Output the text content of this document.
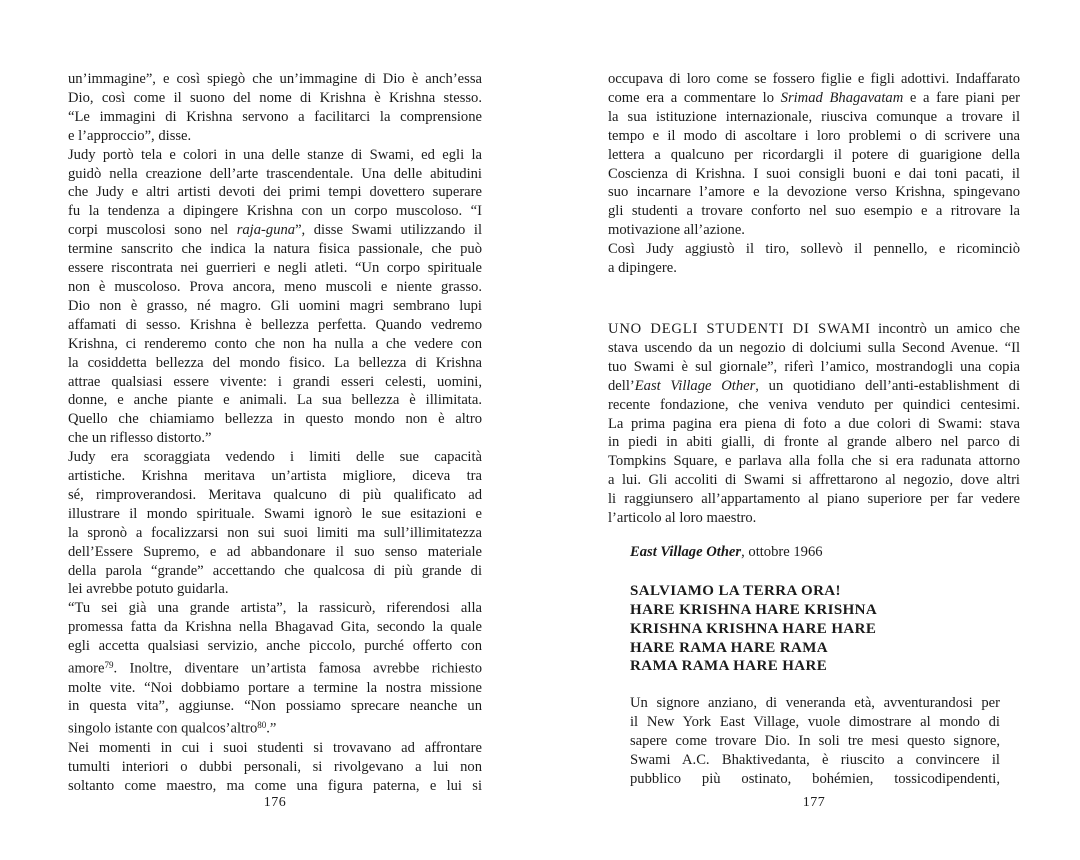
un’immagine”, e così spiegò che un’immagine di Dio è anch’essa
Dio, così come il suono del nome di Krishna è Krishna stesso.
“Le immagini di Krishna servono a facilitarci la comprensione
e l’approccio”, disse.
Judy portò tela e colori in una delle stanze di Swami, ed egli la
guidò nella creazione dell’arte trascendentale. Una delle abitudini
che Judy e altri artisti devoti dei primi tempi dovettero superare
fu la tendenza a dipingere Krishna con un corpo muscoloso. “I
corpi muscolosi sono nel raja-guna”, disse Swami utilizzando il
termine sanscrito che indica la natura fisica passionale, che può
essere riscontrata nei guerrieri e negli atleti. “Un corpo spirituale
non è muscoloso. Prova ancora, meno muscoli e niente grasso.
Dio non è grasso, né magro. Gli uomini magri sembrano lupi
affamati di sesso. Krishna è bellezza perfetta. Quando vedremo
Krishna, ci renderemo conto che non ha nulla a che vedere con
la cosiddetta bellezza del mondo fisico. La bellezza di Krishna
attrae qualsiasi essere vivente: i grandi esseri celesti, uomini,
donne, e anche piante e animali. La sua bellezza è illimitata.
Quello che chiamiamo bellezza in questo mondo non è altro
che un riflesso distorto.”
Judy era scoraggiata vedendo i limiti delle sue capacità
artistiche. Krishna meritava un’artista migliore, diceva tra
sé, rimproverandosi. Meritava qualcuno di più qualificato ad
illustrare il mondo spirituale. Swami ignorò le sue esitazioni e
la spronò a focalizzarsi non sui suoi limiti ma sull’illimitatezza
dell’Essere Supremo, e ad abbandonare il suo senso materiale
della parola “grande” accettando che qualcosa di più grande di
lei avrebbe potuto guidarla.
“Tu sei già una grande artista”, la rassicurò, riferendosi alla
promessa fatta da Krishna nella Bhagavad Gita, secondo la quale
egli accetta qualsiasi servizio, anche piccolo, purché offerto con
amore$^{79}$. Inoltre, diventare un’artista famosa avrebbe richiesto
molte vite. “Noi dobbiamo portare a termine la nostra missione
in questa vita”, aggiunse. “Non possiamo sprecare neanche un
singolo istante con qualcos’altro$^{80}$.”
Nei momenti in cui i suoi studenti si trovavano ad affrontare
tumulti interiori o dubbi personali, si rivolgevano a lui non
soltanto come maestro, ma come una figura paterna, e lui si
occupava di loro come se fossero figlie e figli adottivi. Indaffarato
come era a commentare lo Srimad Bhagavatam e a fare piani per
la sua istituzione internazionale, riusciva comunque a trovare il
tempo e il modo di ascoltare i loro problemi o di scrivere una
lettera a qualcuno per ricordargli il potere di guarigione della
Coscienza di Krishna. I suoi consigli buoni e dai toni pacati, il
suo incarnare l’amore e la devozione verso Krishna, spingevano
gli studenti a trovare conforto nel suo esempio e a ritrovare la
motivazione all’azione.
Così Judy aggiustò il tiro, sollevò il pennello, e ricominciò
a dipingere.
UNO DEGLI STUDENTI DI SWAMI incontrò un amico che
stava uscendo da un negozio di dolciumi sulla Second Avenue. “Il
tuo Swami è sul giornale”, riferì l’amico, mostrandogli una copia
dell’East Village Other, un quotidiano dell’anti-establishment di
recente fondazione, che veniva venduto per quindici centesimi.
La prima pagina era piena di foto a due colori di Swami: stava
in piedi in abiti gialli, di fronte al grande albero nel parco di
Tompkins Square, e parlava alla folla che si era radunata attorno
a lui. Gli accoliti di Swami si affrettarono al negozio, dove altri
li raggiunsero all’appartamento al piano superiore per far vedere
l’articolo al loro maestro.
East Village Other, ottobre 1966
SALVIAMO LA TERRA ORA!
HARE KRISHNA HARE KRISHNA
KRISHNA KRISHNA HARE HARE
HARE RAMA HARE RAMA
RAMA RAMA HARE HARE
Un signore anziano, di veneranda età, avventurandosi per
il New York East Village, vuole dimostrare al mondo di
sapere come trovare Dio. In soli tre mesi questo signore,
Swami A.C. Bhaktivedanta, è riuscito a convincere il
pubblico più ostinato, bohémien, tossicodipendenti,
176	177
